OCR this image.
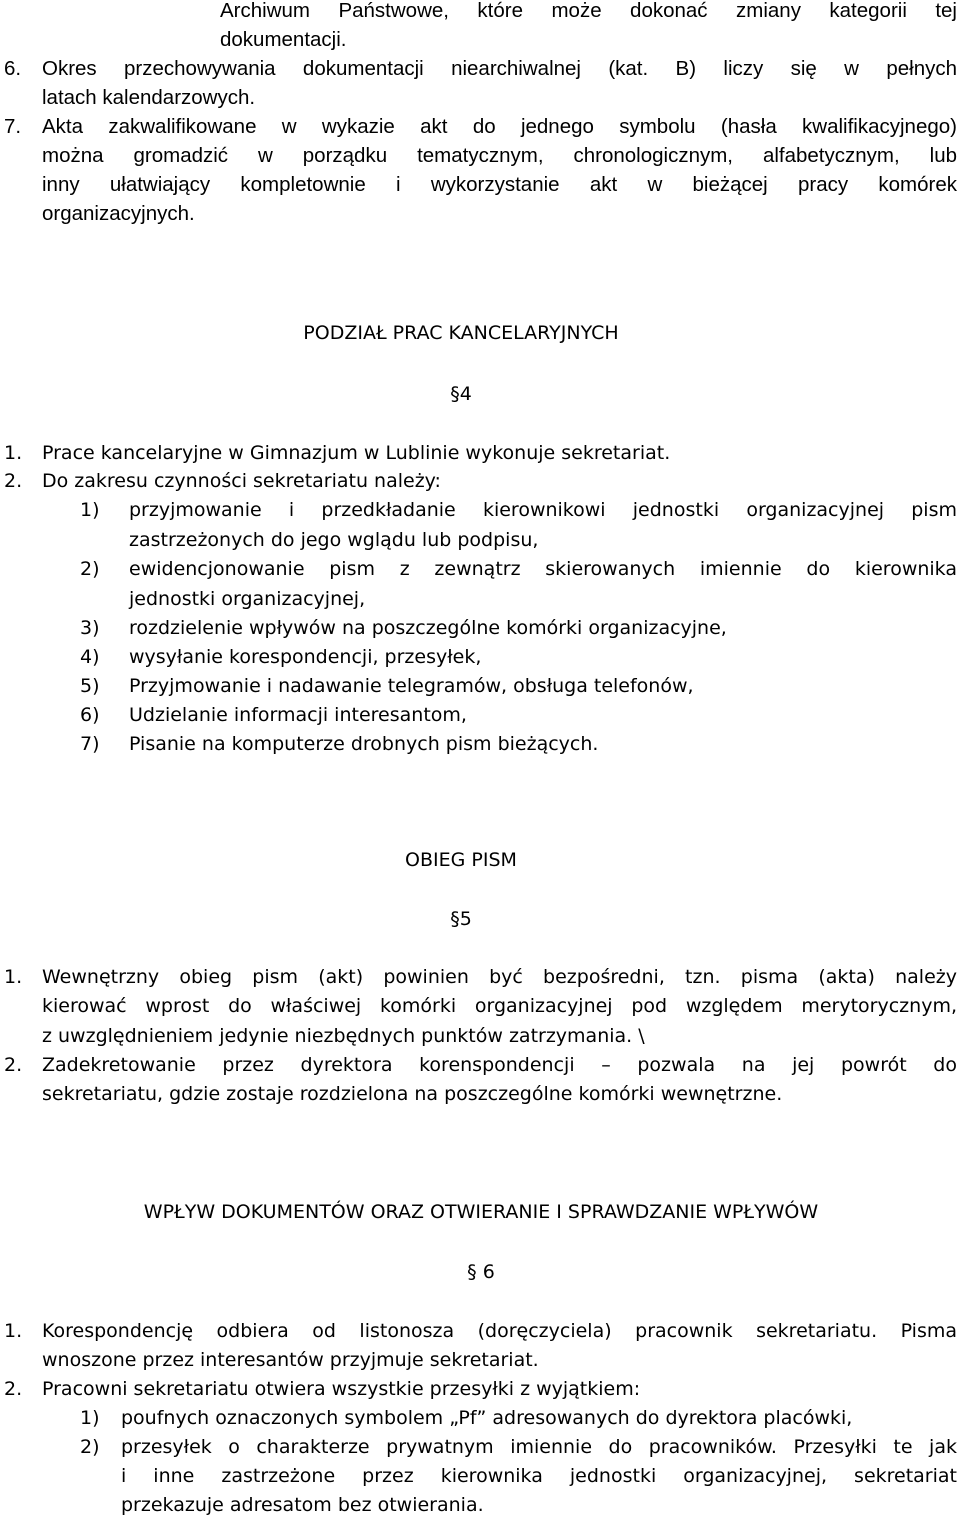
Archiwum Państwowe, które może dokonać zmiany kategorii tej
dokumentacji.
6. Okres przechowywania dokumentacji niearchiwalnej (kat. B) liczy się w pełnych
latach kalendarzowych.
7. Akta zakwalifikowane w wykazie akt do jednego symbolu (hasła kwalifikacyjnego)
można gromadzić w porządku tematycznym, chronologicznym, alfabetycznym, lub
inny ułatwiający kompletownie i wykorzystanie akt w bieżącej pracy komórek
organizacyjnych.
PODZIAŁ PRAC KANCELARYJNYCH
§4
1. Prace kancelaryjne w Gimnazjum w Lublinie wykonuje sekretariat.
2. Do zakresu czynności sekretariatu należy:
1) przyjmowanie i przedkładanie kierownikowi jednostki organizacyjnej pism
zastrzeżonych do jego wglądu lub podpisu,
2) ewidencjonowanie pism z zewnątrz skierowanych imiennie do kierownika
jednostki organizacyjnej,
3) rozdzielenie wpływów na poszczególne komórki organizacyjne,
4) wysyłanie korespondencji, przesyłek,
5) Przyjmowanie i nadawanie telegramów, obsługa telefonów,
6) Udzielanie informacji interesantom,
7) Pisanie na komputerze drobnych pism bieżących.
OBIEG PISM
§5
1. Wewnętrzny obieg pism (akt) powinien być bezpośredni, tzn. pisma (akta) należy
kierować wprost do właściwej komórki organizacyjnej pod względem merytorycznym,
z uwzględnieniem jedynie niezbędnych punktów zatrzymania. \
2. Zadekretowanie przez dyrektora korenspondencji – pozwala na jej powrót do
sekretariatu, gdzie zostaje rozdzielona na poszczególne komórki wewnętrzne.
WPŁYW DOKUMENTÓW ORAZ OTWIERANIE I SPRAWDZANIE WPŁYWÓW
§ 6
1. Korespondencję odbiera od listonosza (doręczyciela) pracownik sekretariatu. Pisma
wnoszone przez interesantów przyjmuje sekretariat.
2. Pracowni sekretariatu otwiera wszystkie przesyłki z wyjątkiem:
1) poufnych oznaczonych symbolem „Pf” adresowanych do dyrektora placówki,
2) przesyłek o charakterze prywatnym imiennie do pracowników. Przesyłki te jak
i inne zastrzeżone przez kierownika jednostki organizacyjnej, sekretariat
przekazuje adresatom bez otwierania.
